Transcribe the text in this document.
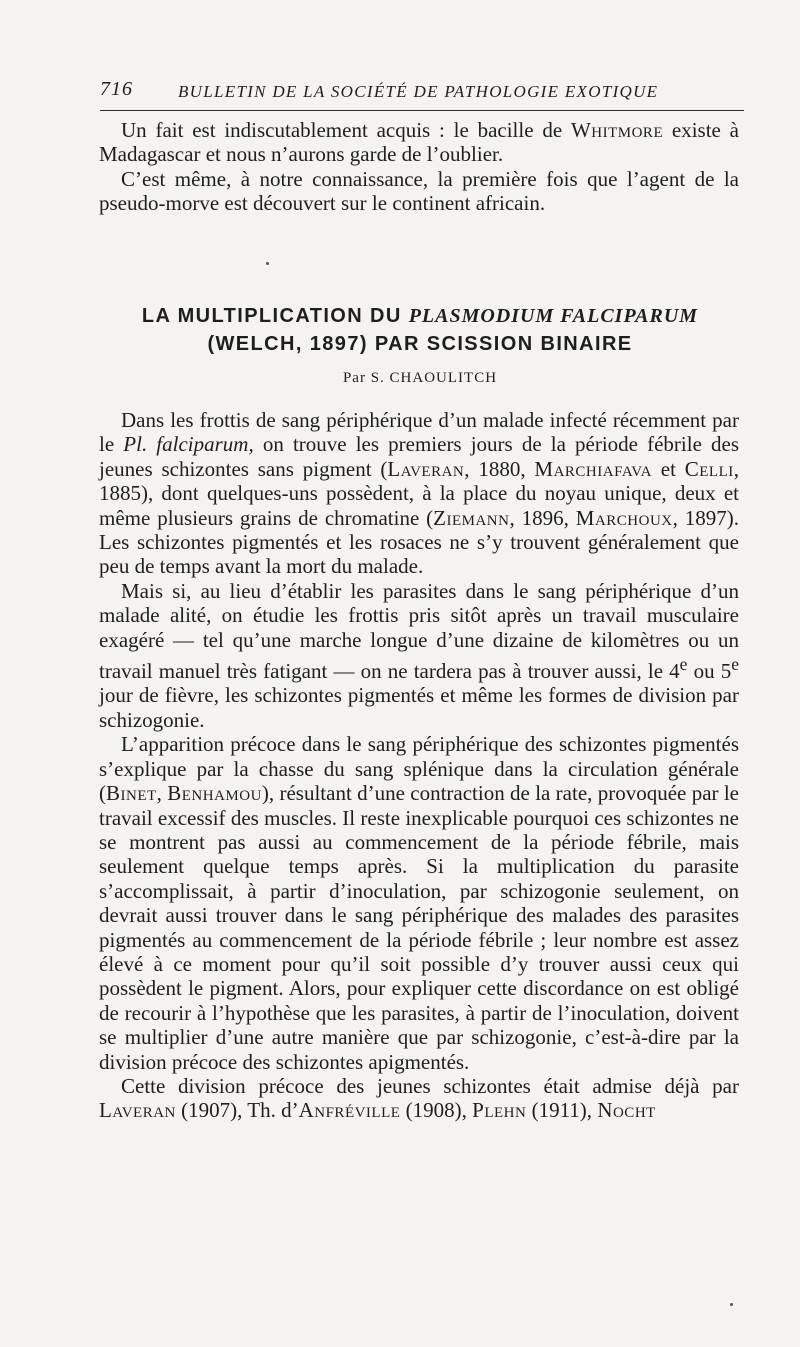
716	BULLETIN DE LA SOCIÉTÉ DE PATHOLOGIE EXOTIQUE

Un fait est indiscutablement acquis : le bacille de Whitmore existe à Madagascar et nous n’aurons garde de l’oublier.

C’est même, à notre connaissance, la première fois que l’agent de la pseudo-morve est découvert sur le continent africain.

LA MULTIPLICATION DU PLASMODIUM FALCIPARUM
(WELCH, 1897) PAR SCISSION BINAIRE
Par S. CHAOULITCH

Dans les frottis de sang périphérique d’un malade infecté récemment par le Pl. falciparum, on trouve les premiers jours de la période fébrile des jeunes schizontes sans pigment (Laveran, 1880, Marchiafava et Celli, 1885), dont quelques-uns possèdent, à la place du noyau unique, deux et même plusieurs grains de chromatine (Ziemann, 1896, Marchoux, 1897). Les schizontes pigmentés et les rosaces ne s’y trouvent généralement que peu de temps avant la mort du malade.

Mais si, au lieu d’établir les parasites dans le sang périphérique d’un malade alité, on étudie les frottis pris sitôt après un travail musculaire exagéré — tel qu’une marche longue d’une dizaine de kilomètres ou un travail manuel très fatigant — on ne tardera pas à trouver aussi, le 4e ou 5e jour de fièvre, les schizontes pigmentés et même les formes de division par schizogonie.

L’apparition précoce dans le sang périphérique des schizontes pigmentés s’explique par la chasse du sang splénique dans la circulation générale (Binet, Benhamou), résultant d’une contraction de la rate, provoquée par le travail excessif des muscles. Il reste inexplicable pourquoi ces schizontes ne se montrent pas aussi au commencement de la période fébrile, mais seulement quelque temps après. Si la multiplication du parasite s’accomplissait, à partir d’inoculation, par schizogonie seulement, on devrait aussi trouver dans le sang périphérique des malades des parasites pigmentés au commencement de la période fébrile ; leur nombre est assez élevé à ce moment pour qu’il soit possible d’y trouver aussi ceux qui possèdent le pigment. Alors, pour expliquer cette discordance on est obligé de recourir à l’hypothèse que les parasites, à partir de l’inoculation, doivent se multiplier d’une autre manière que par schizogonie, c’est-à-dire par la division précoce des schizontes apigmentés.

Cette division précoce des jeunes schizontes était admise déjà par Laveran (1907), Th. d’Anfréville (1908), Plehn (1911), Nocht
